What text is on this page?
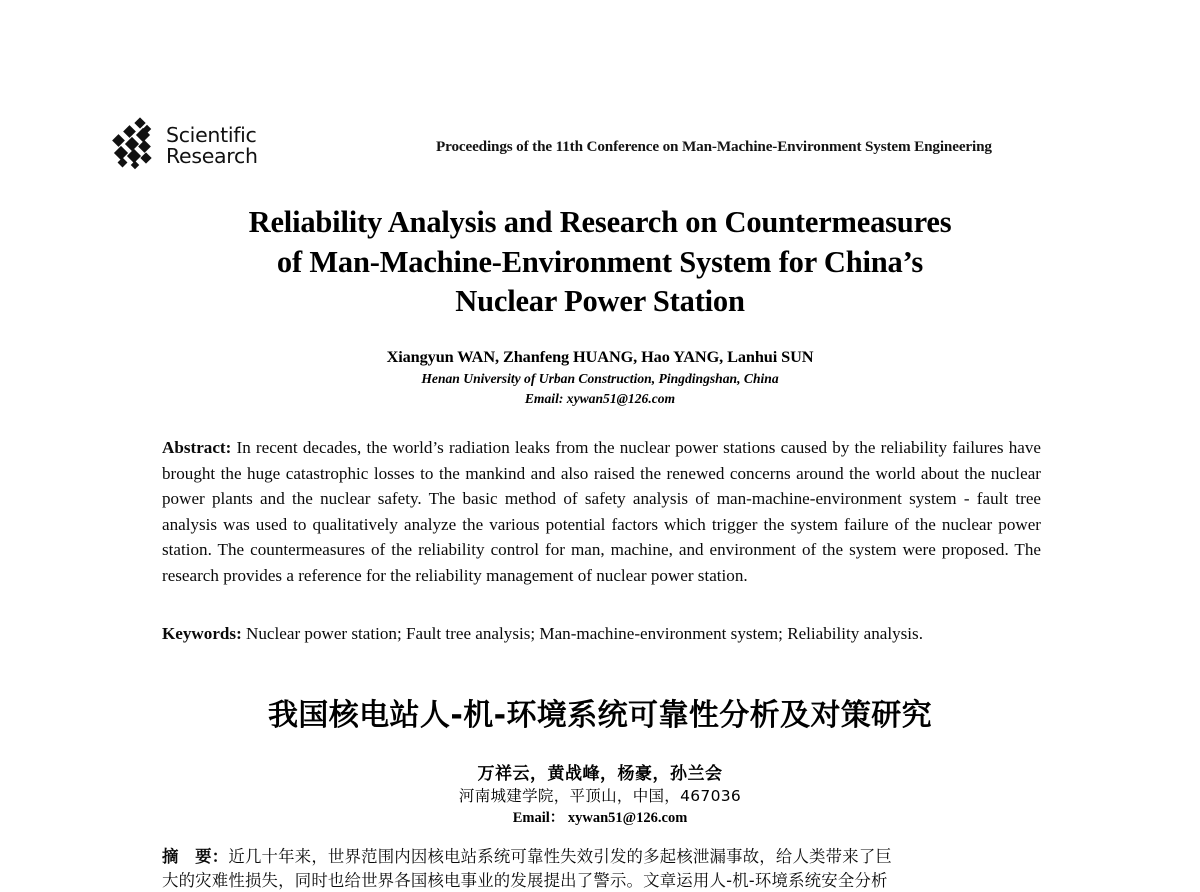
Scientific
Research	Proceedings of the 11th Conference on Man-Machine-Environment System Engineering
Reliability Analysis and Research on Countermeasures
of Man-Machine-Environment System for China’s
Nuclear Power Station
Xiangyun WAN, Zhanfeng HUANG, Hao YANG, Lanhui SUN
Henan University of Urban Construction, Pingdingshan, China
Email: xywan51@126.com
Abstract: In recent decades, the world’s radiation leaks from the nuclear power stations caused by the reliability failures have brought the huge catastrophic losses to the mankind and also raised the renewed concerns around the world about the nuclear power plants and the nuclear safety. The basic method of safety analysis of man-machine-environment system - fault tree analysis was used to qualitatively analyze the various potential factors which trigger the system failure of the nuclear power station. The countermeasures of the reliability control for man, machine, and environment of the system were proposed. The research provides a reference for the reliability management of nuclear power station.
Keywords: Nuclear power station; Fault tree analysis; Man-machine-environment system; Reliability analysis.
我国核电站人-机-环境系统可靠性分析及对策研究
万祥云，黄战峰，杨豪，孙兰会
河南城建学院，平顶山，中国，467036
Email： xywan51@126.com
摘　要：近几十年来，世界范围内因核电站系统可靠性失效引发的多起核泄漏事故，给人类带来了巨
大的灾难性损失，同时也给世界各国核电事业的发展提出了警示。文章运用人-机-环境系统安全分析
